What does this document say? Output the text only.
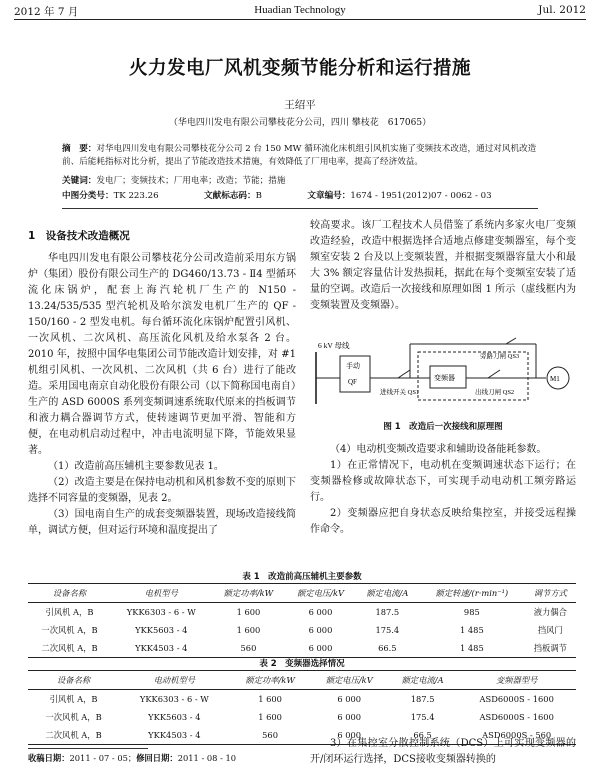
2012 年 7 月	Huadian Technology	Jul. 2012
火力发电厂风机变频节能分析和运行措施
王绍平
（华电四川发电有限公司攀枝花分公司，四川 攀枝花　617065）
摘　要：对华电四川发电有限公司攀枝花分公司 2 台 150 MW 循环流化床机组引风机实施了变频技术改造，通过对风机改造前、后能耗指标对比分析，提出了节能改造技术措施，有效降低了厂用电率，提高了经济效益。
关键词：发电厂；变频技术；厂用电率；改造；节能；措施
中图分类号：TK 223.26	文献标志码：B	文章编号：1674 - 1951(2012)07 - 0062 - 03
1　设备技术改造概况

华电四川发电有限公司攀枝花分公司改造前采用东方锅炉（集团）股份有限公司生产的 DG460/13.73 - Ⅱ4 型循环流化床锅炉，配套上海汽轮机厂生产的 N150 - 13.24/535/535 型汽轮机及哈尔滨发电机厂生产的 QF - 150/160 - 2 型发电机。每台循环流化床锅炉配置引风机、一次风机、二次风机、高压流化风机及给水泵各 2 台。2010 年，按照中国华电集团公司节能改造计划安排，对 #1 机组引风机、一次风机、二次风机（共 6 台）进行了能改造。采用国电南京自动化股份有限公司（以下简称国电南自）生产的 ASD 6000S 系列变频调速系统取代原来的挡板调节和液力耦合器调节方式，使转速调节更加平滑、智能和方便，在电动机启动过程中，冲击电流明显下降，节能效果显著。

（1）改造前高压辅机主要参数见表 1。

（2）改造主要是在保持电动机和风机参数不变的原则下选择不同容量的变频器，见表 2。

（3）国电南自生产的成套变频器装置，现场改造接线简单，调试方便，但对运行环境和温度提出了

较高要求。该厂工程技术人员借鉴了系统内多家火电厂变频改造经验，改造中根据选择合适地点修建变频器室，每个变频室安装 2 台及以上变频装置，并根据变频器容量大小和最大 3% 额定容量估计发热损耗，据此在每个变频室安装了适量的空调。改造后一次接线和原理如图 1 所示（虚线框内为变频装置及变频器）。

6 kV 母线
手动
QF
进线开关 QS1
变频器
出线刀闸 QS2
旁路刀闸 QS3
M1
图 1　改造后一次接线和原理图

（4）电动机变频改造要求和辅助设备能耗参数。

1）在正常情况下，电动机在变频调速状态下运行；在变频器检修或故障状态下，可实现手动电动机工频旁路运行。

2）变频器应把自身状态反映给集控室，并接受远程操作命令。

表 1　改造前高压辅机主要参数
设备名称	电机型号	额定功率/kW	额定电压/kV	额定电流/A	额定转速/(r·min⁻¹)	调节方式
引风机 A，B	YKK6303 - 6 - W	1 600	6 000	187.5	985	液力偶合
一次风机 A，B	YKK5603 - 4	1 600	6 000	175.4	1 485	挡风门
二次风机 A，B	YKK4503 - 4	560	6 000	66.5	1 485	挡板调节
表 2　变频器选择情况
设备名称	电动机型号	额定功率/kW	额定电压/kV	额定电流/A	变频器型号
引风机 A，B	YKK6303 - 6 - W	1 600	6 000	187.5	ASD6000S - 1600
一次风机 A，B	YKK5603 - 4	1 600	6 000	175.4	ASD6000S - 1600
二次风机 A，B	YKK4503 - 4	560	6 000	66.5	ASD6000S - 560

3）在集控室分散控制系统（DCS）上可实现变频器的开/闭环运行选择，DCS接收变频器转换的

收稿日期：2011 - 07 - 05；修回日期：2011 - 08 - 10
